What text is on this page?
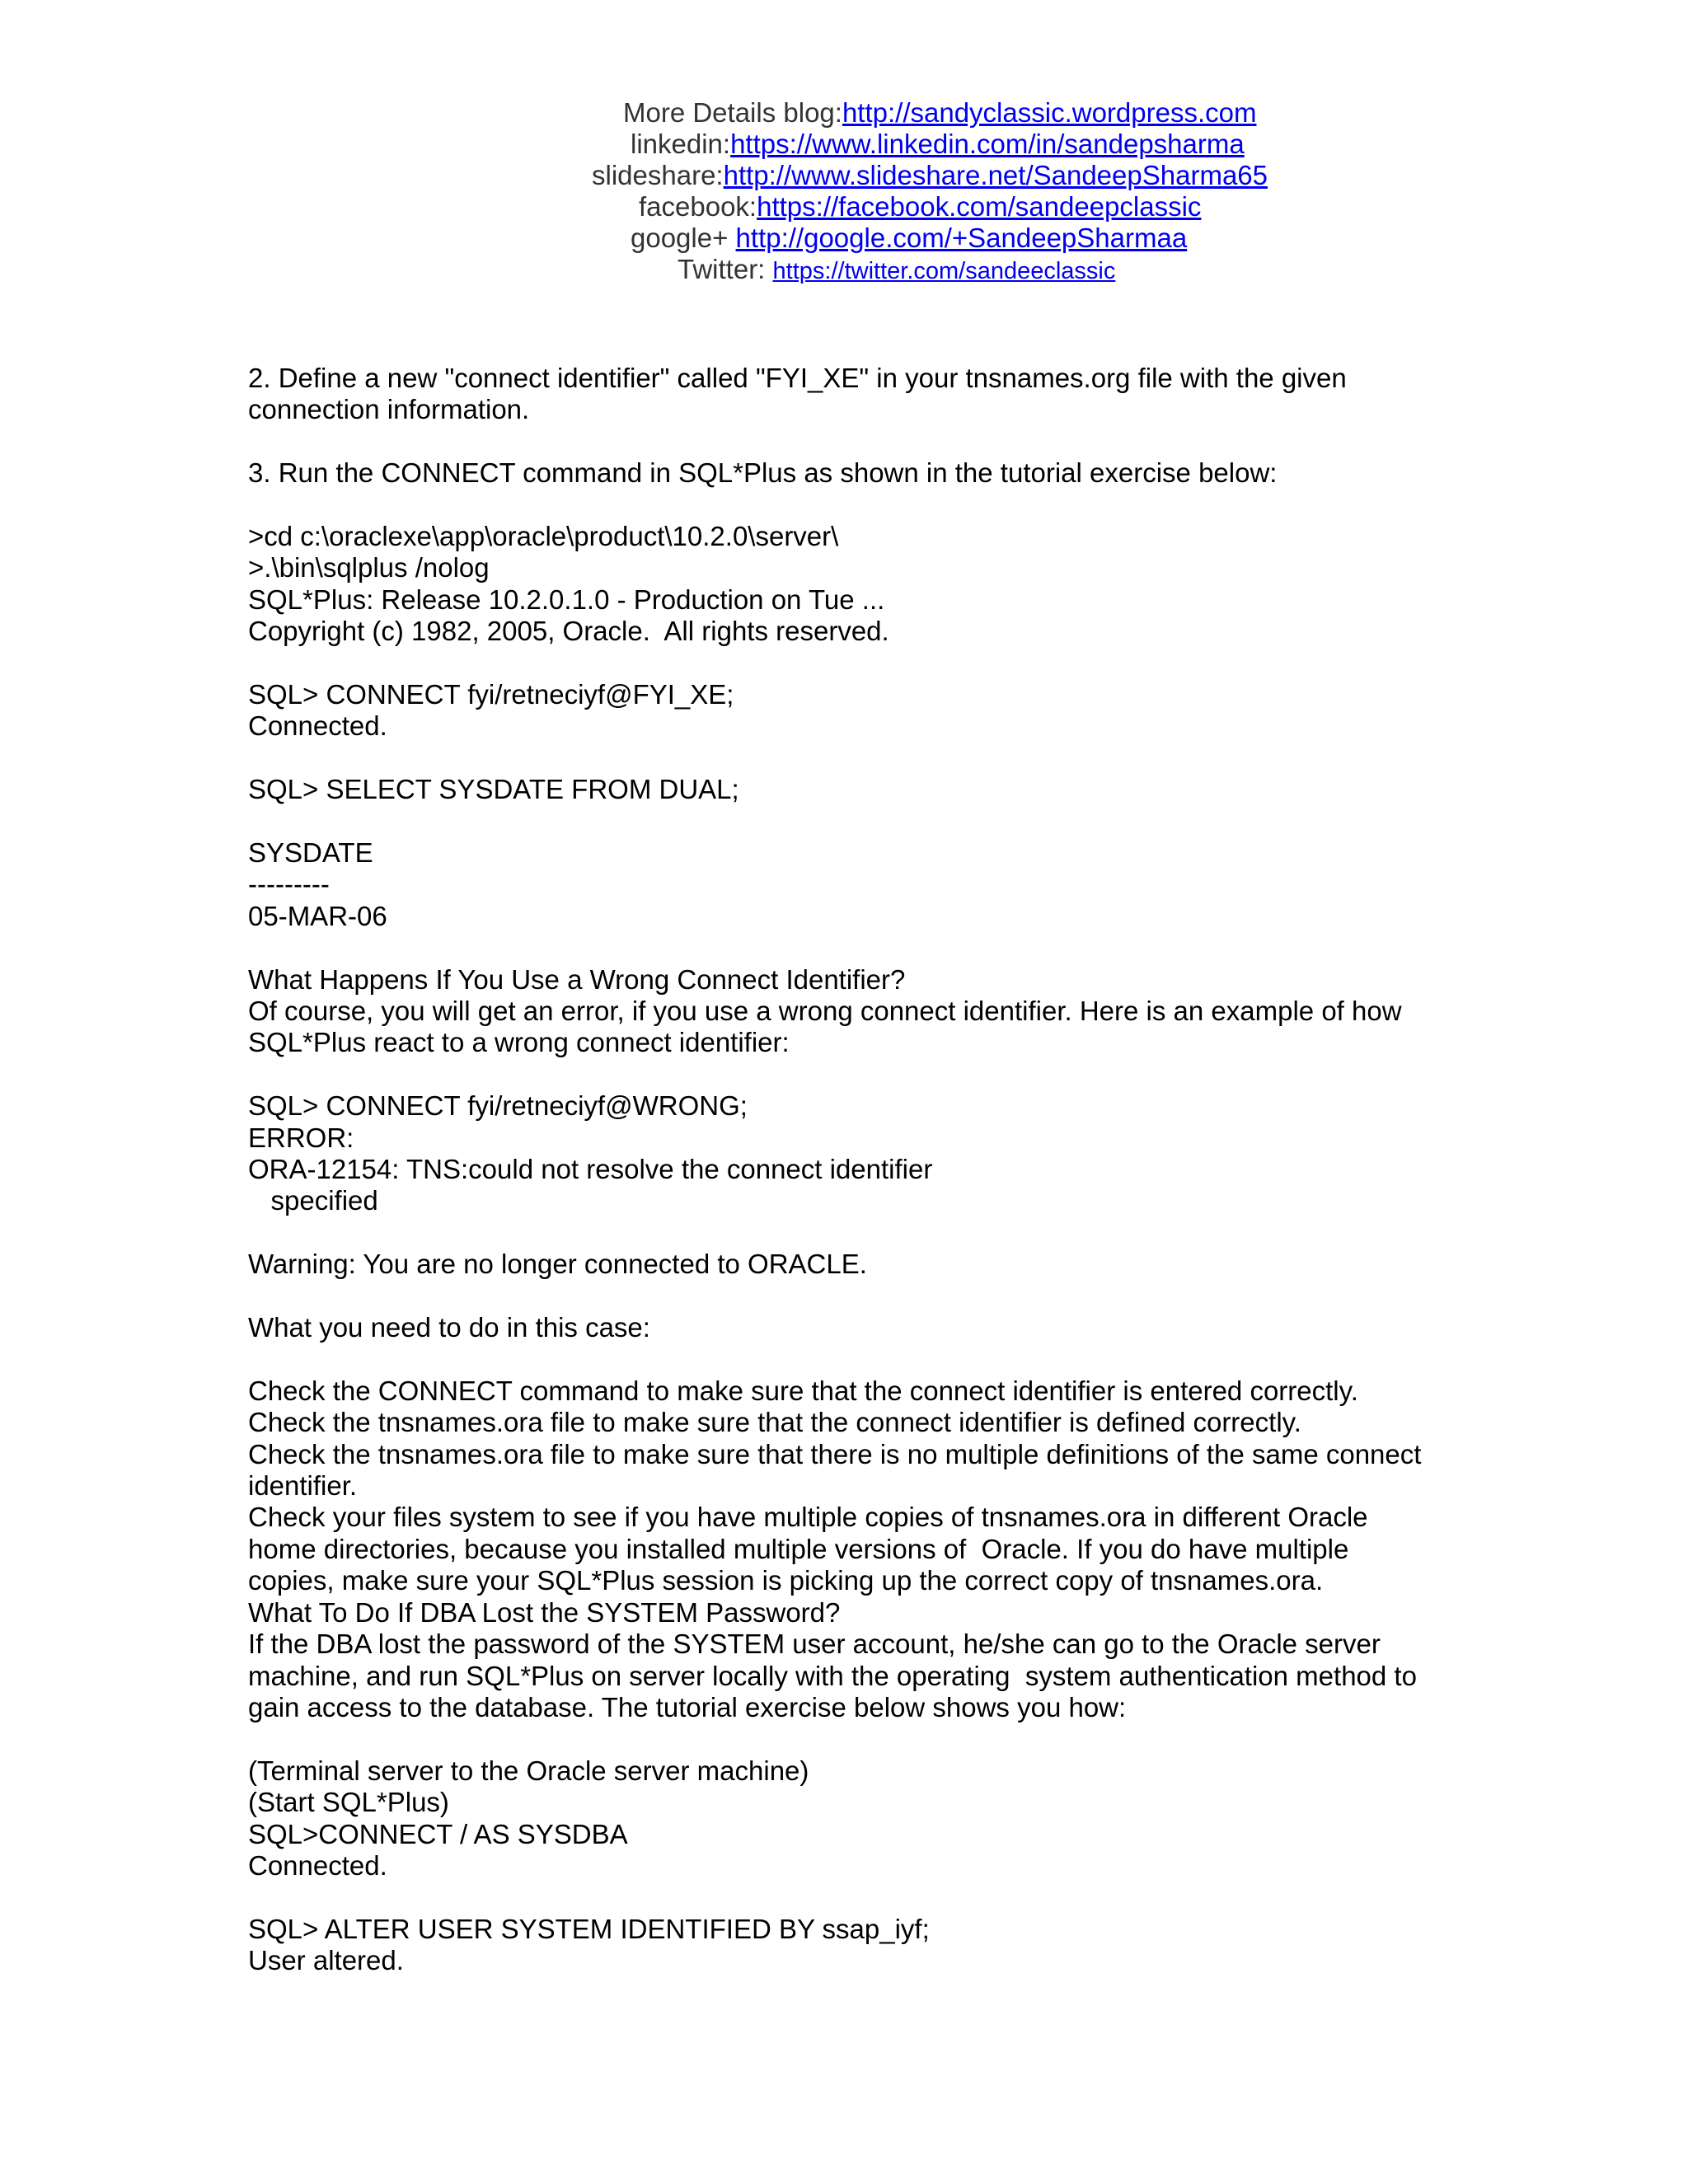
More Details blog:http://sandyclassic.wordpress.com
linkedin:https://www.linkedin.com/in/sandepsharma
slideshare:http://www.slideshare.net/SandeepSharma65
facebook:https://facebook.com/sandeepclassic
google+ http://google.com/+SandeepSharmaa
Twitter: https://twitter.com/sandeeclassic

2. Define a new "connect identifier" called "FYI_XE" in your tnsnames.org file with the given

connection information.

3. Run the CONNECT command in SQL*Plus as shown in the tutorial exercise below:

>cd c:\oraclexe\app\oracle\product\10.2.0\server\

>.\bin\sqlplus /nolog

SQL*Plus: Release 10.2.0.1.0 - Production on Tue ...

Copyright (c) 1982, 2005, Oracle.  All rights reserved.

SQL> CONNECT fyi/retneciyf@FYI_XE;

Connected.

SQL> SELECT SYSDATE FROM DUAL;

SYSDATE

---------

05-MAR-06

What Happens If You Use a Wrong Connect Identifier?

Of course, you will get an error, if you use a wrong connect identifier. Here is an example of how

SQL*Plus react to a wrong connect identifier:

SQL> CONNECT fyi/retneciyf@WRONG;

ERROR:

ORA-12154: TNS:could not resolve the connect identifier

specified

Warning: You are no longer connected to ORACLE.

What you need to do in this case:

Check the CONNECT command to make sure that the connect identifier is entered correctly.

Check the tnsnames.ora file to make sure that the connect identifier is defined correctly.

Check the tnsnames.ora file to make sure that there is no multiple definitions of the same connect

identifier.

Check your files system to see if you have multiple copies of tnsnames.ora in different Oracle

home directories, because you installed multiple versions of  Oracle. If you do have multiple

copies, make sure your SQL*Plus session is picking up the correct copy of tnsnames.ora.

What To Do If DBA Lost the SYSTEM Password?

If the DBA lost the password of the SYSTEM user account, he/she can go to the Oracle server

machine, and run SQL*Plus on server locally with the operating  system authentication method to

gain access to the database. The tutorial exercise below shows you how:

(Terminal server to the Oracle server machine)

(Start SQL*Plus)

SQL>CONNECT / AS SYSDBA

Connected.

SQL> ALTER USER SYSTEM IDENTIFIED BY ssap_iyf;

User altered.
